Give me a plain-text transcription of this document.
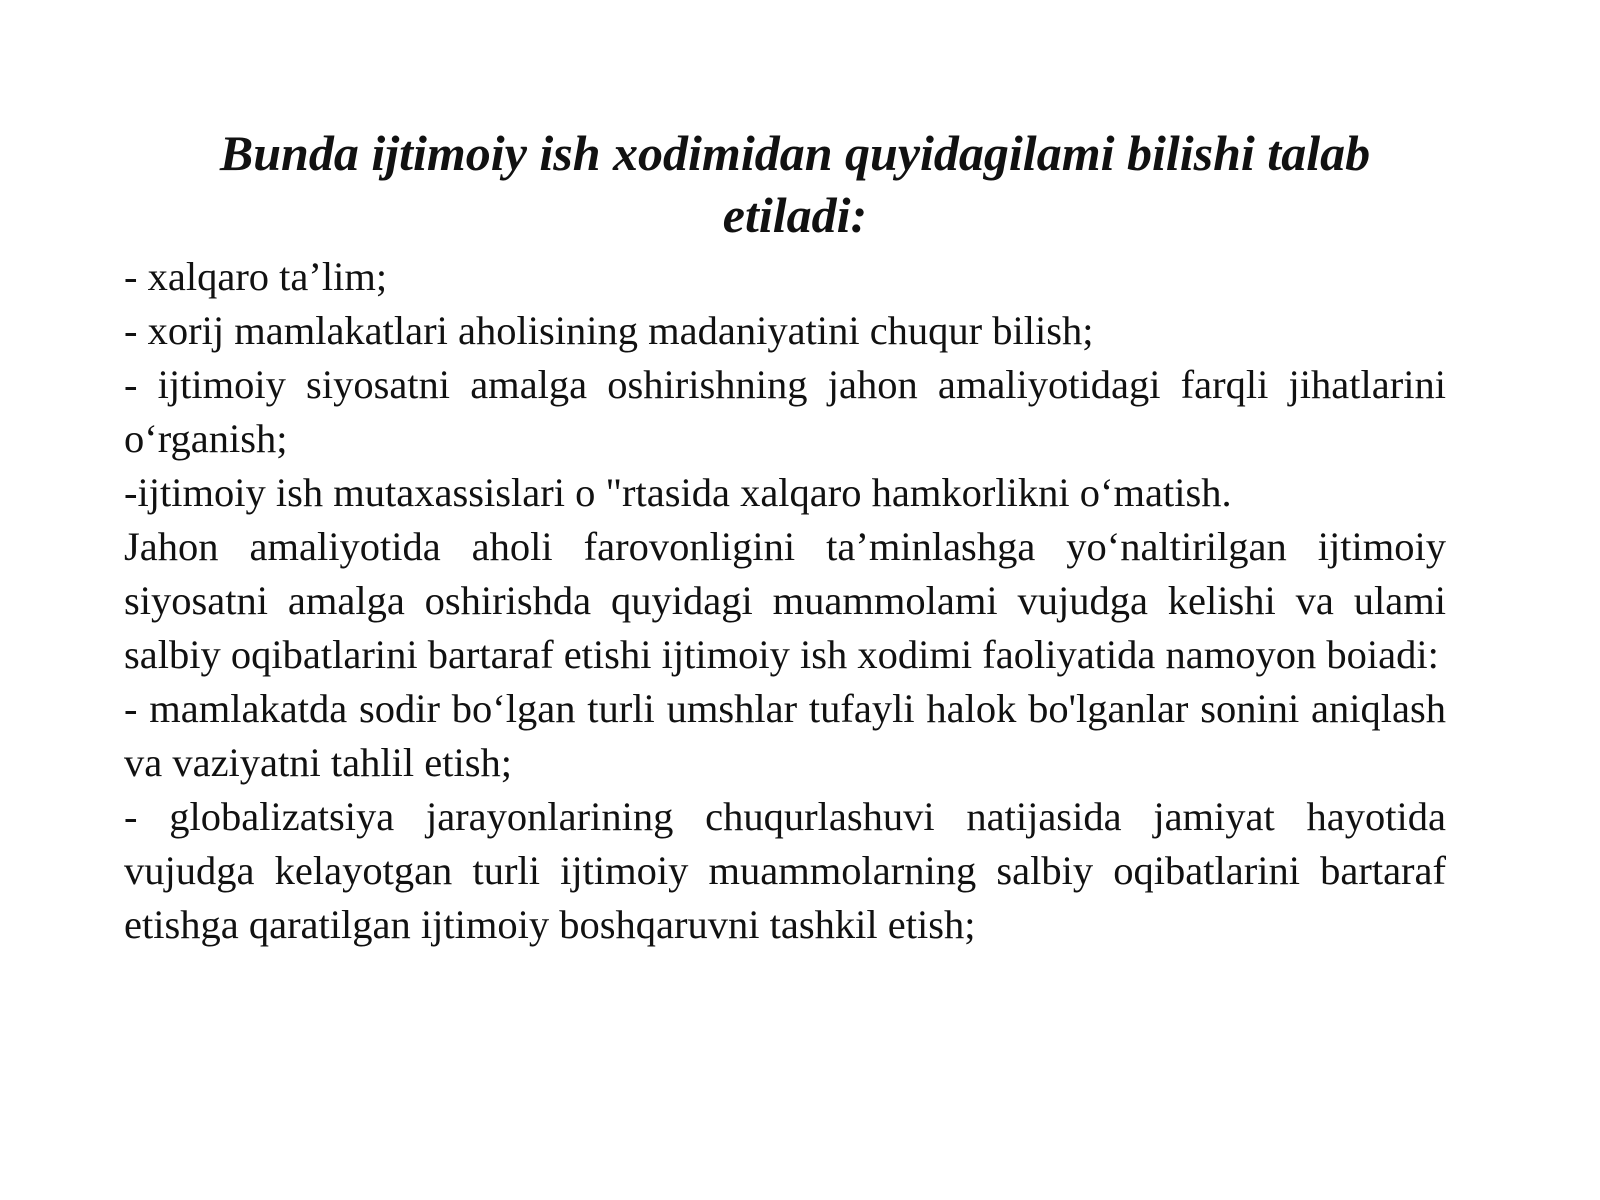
Bunda ijtimoiy ish xodimidan quyidagilami bilishi talab etiladi:

- xalqaro ta’lim;

- xorij mamlakatlari aholisining madaniyatini chuqur bilish;

- ijtimoiy siyosatni amalga oshirishning jahon amaliyotidagi farqli jihatlarini o‘rganish;

-ijtimoiy ish mutaxassislari o "rtasida xalqaro hamkorlikni o‘matish.

Jahon amaliyotida aholi farovonligini ta’minlashga yo‘naltirilgan ijtimoiy siyosatni amalga oshirishda quyidagi muammolami vujudga kelishi va ulami salbiy oqibatlarini bartaraf etishi ijtimoiy ish xodimi faoliyatida namoyon boiadi:

- mamlakatda sodir bo‘lgan turli umshlar tufayli halok bo'lganlar sonini aniqlash va vaziyatni tahlil etish;

- globalizatsiya jarayonlarining chuqurlashuvi natijasida jamiyat hayotida vujudga kelayotgan turli ijtimoiy muammolarning salbiy oqibatlarini bartaraf etishga qaratilgan ijtimoiy boshqaruvni tashkil etish;
